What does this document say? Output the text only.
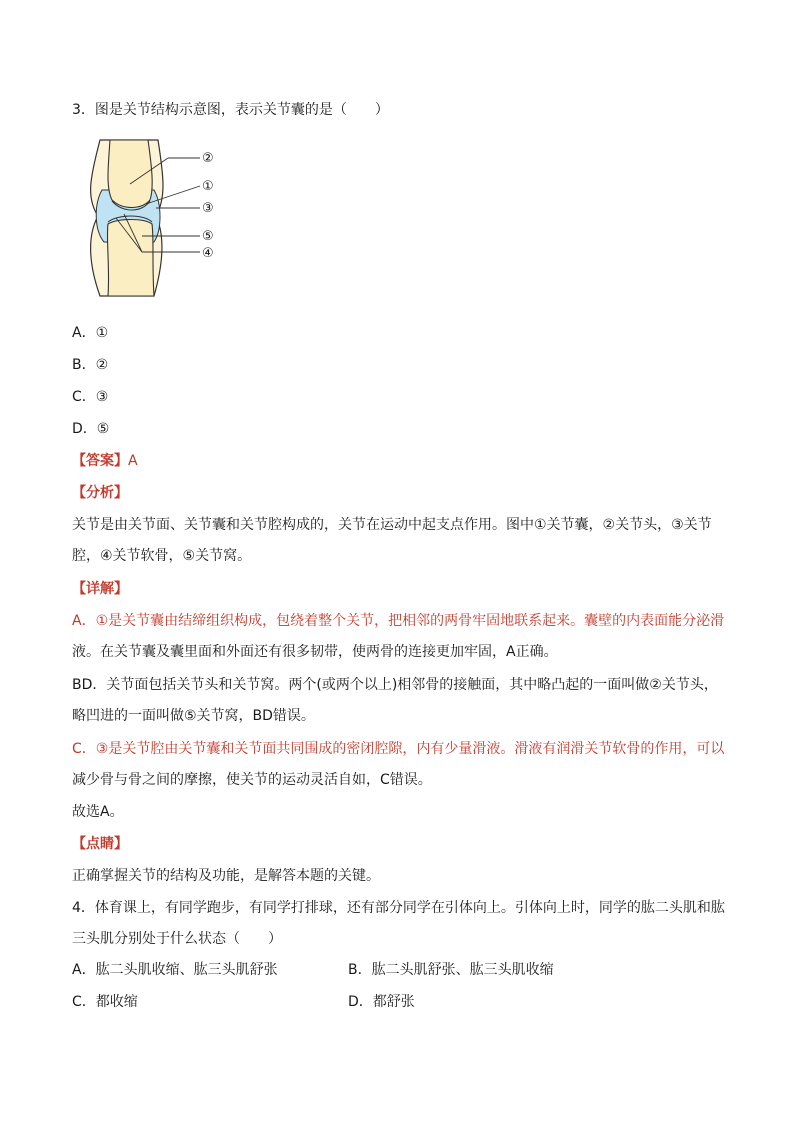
3．图是关节结构示意图，表示关节囊的是（　　）
②
①
③
⑤
④
A．①
B．②
C．③
D．⑤
【答案】A
【分析】
关节是由关节面、关节囊和关节腔构成的，关节在运动中起支点作用。图中①关节囊，②关节头，③关节
腔，④关节软骨，⑤关节窝。
【详解】
A．①是关节囊由结缔组织构成，包绕着整个关节，把相邻的两骨牢固地联系起来。囊壁的内表面能分泌滑
液。在关节囊及囊里面和外面还有很多韧带，使两骨的连接更加牢固，A正确。
BD．关节面包括关节头和关节窝。两个(或两个以上)相邻骨的接触面，其中略凸起的一面叫做②关节头，
略凹进的一面叫做⑤关节窝，BD错误。
C．③是关节腔由关节囊和关节面共同围成的密闭腔隙，内有少量滑液。滑液有润滑关节软骨的作用，可以
减少骨与骨之间的摩擦，使关节的运动灵活自如，C错误。
故选A。
【点睛】
正确掌握关节的结构及功能，是解答本题的关键。
4．体育课上，有同学跑步，有同学打排球，还有部分同学在引体向上。引体向上时，同学的肱二头肌和肱
三头肌分别处于什么状态（　　）
A．肱二头肌收缩、肱三头肌舒张	B．肱二头肌舒张、肱三头肌收缩
C．都收缩	D．都舒张
